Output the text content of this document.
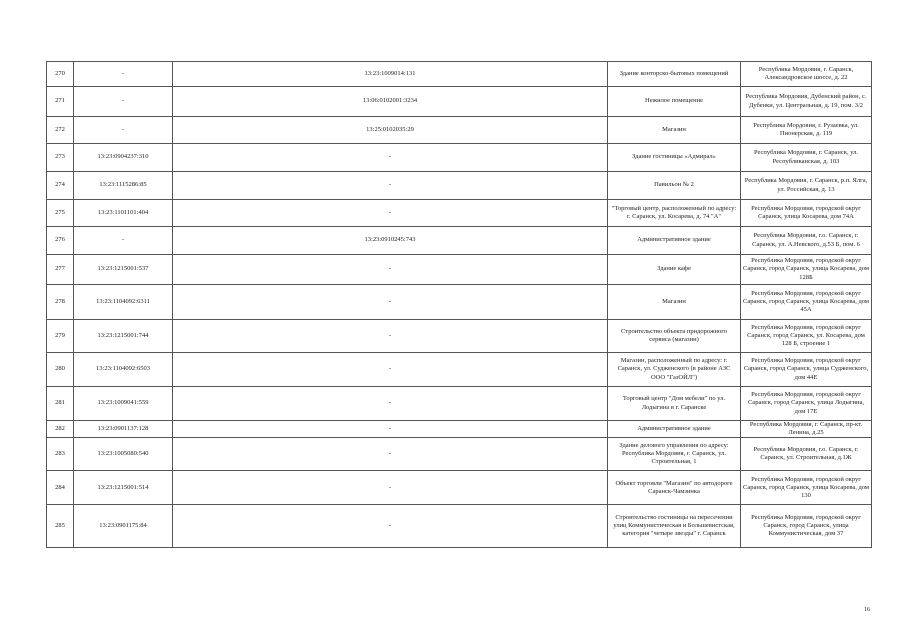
270	-	13:23:1009014:131	Здание конторско-бытовых помещений	Республика Мордовия, г. Саранск, Александровское шоссе, д. 22
271	-	13:06:0102001:3234	Нежилое помещение	Республика Мордовия, Дубенский район, с. Дубенки, ул. Центральная, д. 19, пом. 3/2
272	-	13:25:0102035:29	Магазин	Республика Мордовия, г. Рузаевка, ул. Пионерская, д. 119
273	13:23:0904237:310	-	Здание гостиницы «Адмирал»	Республика Мордовия, г. Саранск, ул. Республиканская, д. 103
274	13:23:1115286:85	-	Павильон № 2	Республика Мордовия, г. Саранск, р.п. Ялга, ул. Российская, д. 13
275	13:23:1101101:404	-	"Торговый центр, расположенный по адресу: г. Саранск, ул. Косарева, д. 74 "А"	Республика Мордовия, городской округ Саранск, улица Косарева, дом 74А
276	-	13:23:0910245:743	Административное здание	Республика Мордовия, г.о. Саранск, г. Саранск, ул. А.Невского, д.53 Б, пом. 6
277	13:23:1215001:537	-	Здание кафе	Республика Мордовия, городской округ Саранск, город Саранск, улица Косарева, дом 128Б
278	13:23:1104092:6311	-	Магазин	Республика Мордовия, городской округ Саранск, город Саранск, улица Косарева, дом 45А
279	13:23:1215001:744	-	Строительство объекта придорожного сервиса (магазин)	Республика Мордовия, городской округ Саранск, город Саранск, ул. Косарева, дом 128 Б, строение 1
280	13:23:1104092:6503	-	Магазин, расположенный по адресу: г. Саранск, ул. Судженского (в районе АЗС ООО "ГазОЙЛ")	Республика Мордовия, городской округ Саранск, город Саранск, улица Судженского, дом 44Е
281	13:23:1009041:559	-	Торговый центр "Дом мебели" по ул. Лодыгина в г. Саранске	Республика Мордовия, городской округ Саранск, город Саранск, улица Лодыгина, дом 17Е
282	13:23:0901137:128	-	Административное здание	Республика Мордовия, г. Саранск, пр-кт. Ленина, д.25
283	13:23:1005080:540	-	Здание делового управления по адресу: Республика Мордовия, г. Саранск, ул. Строительная, 1	Республика Мордовия, г.о. Саранск, г. Саранск, ул. Строительная, д.1Ж
284	13:23:1215001:514	-	Объект торговли "Магазин" по автодороге Саранск-Чамзинка	Республика Мордовия, городской округ Саранск, город Саранск, улица Косарева, дом 130
285	13:23:0901175:84	-	Строительство гостиницы на пересечении улиц Коммунистическая и Большевистская, категория "четыре звезды" г. Саранск	Республика Мордовия, городской округ Саранск, город Саранск, улица Коммунистическая, дом 37
16
